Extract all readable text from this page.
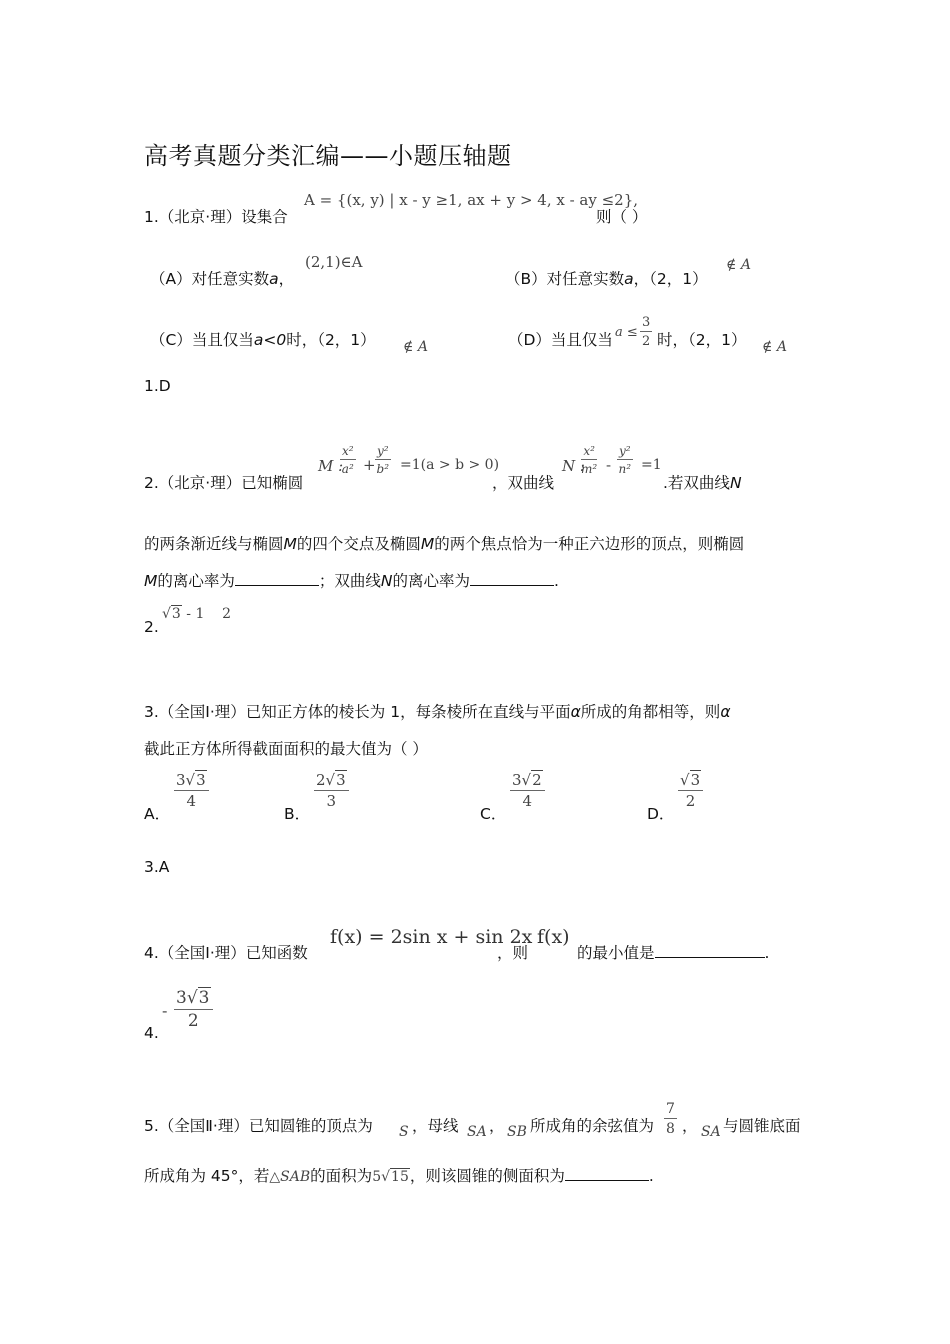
高考真题分类汇编——小题压轴题
1.（北京·理）设集合
A = {(x, y) | x - y ≥1, ax + y > 4, x - ay ≤2},
则（ ）
（A）对任意实数a，
(2,1)∈A
（B）对任意实数a，（2，1）
∉ A
（C）当且仅当a<0时，（2，1） ∉ A	（D）当且仅当 $a \le \frac{3}{2}$ 时，（2，1） ∉ A
1.D
2.（北京·理）已知椭圆
M :
$\frac{\text{x²}}{\text{a²}} + \frac{\text{y²}}{\text{b²}} =1(a > b > 0)$
，双曲线
N :
$\frac{\text{x²}}{\text{m²}} - \frac{\text{y²}}{\text{n²}} =1$
.若双曲线N
的两条渐近线与椭圆M的四个交点及椭圆M的两个焦点恰为一种正六边形的顶点，则椭圆
M的离心率为	；双曲线N的离心率为	.
2.
√3 - 1    2
3.（全国Ⅰ·理）已知正方体的棱长为 1，每条棱所在直线与平面α所成的角都相等，则α
截此正方体所得截面面积的最大值为（ ）
A．
$\frac{3√3}{4}$
B．
$\frac{2√3}{3}$
C．
$\frac{3√2}{4}$
D．
$\frac{√3}{2}$
3.A
4.（全国Ⅰ·理）已知函数
f(x) = 2sin x + sin 2x
，则
f(x)
的最小值是	.
4.
- $\frac{3√3}{2}$
5.（全国Ⅱ·理）已知圆锥的顶点为 S ，母线 SA ， SB 所成角的余弦值为 $\frac{7}{8}$ ， SA 与圆锥底面
所成角为 45°，若△SAB的面积为5√15，则该圆锥的侧面积为	.
